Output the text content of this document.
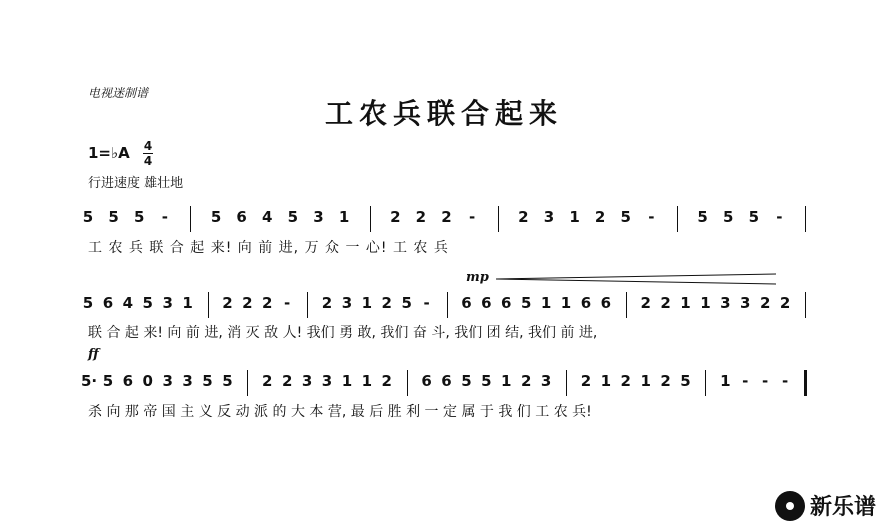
电视迷制谱
工农兵联合起来
1=♭A 4
4
行进速度 雄壮地
mp
ff
5 5 5 -	5 6 4 5 3 1	2 2 2 -	2 3 1 2 5 -	5 5 5 -
工 农 兵 联 合 起 来! 向 前 进, 万 众 一 心! 工 农 兵
5 6 4 5 3 1 2 2 2 - 2 3 1 2 5 - 6 6 6 5 1 1 6 6 2 2 1 1 3 3 2 2
联 合 起 来! 向 前 进, 消 灭 敌 人! 我们 勇 敢, 我们 奋 斗, 我们 团 结, 我们 前 进,
5· 5 6 0 3 3 5 5 2 2 3 3 1 1 2 6 6 5 5 1 2 3 2 1 2 1 2 5 1 - - -
杀 向 那 帝 国 主 义 反 动 派 的 大 本 营, 最 后 胜 利 一 定 属 于 我 们 工 农 兵!
新乐谱
